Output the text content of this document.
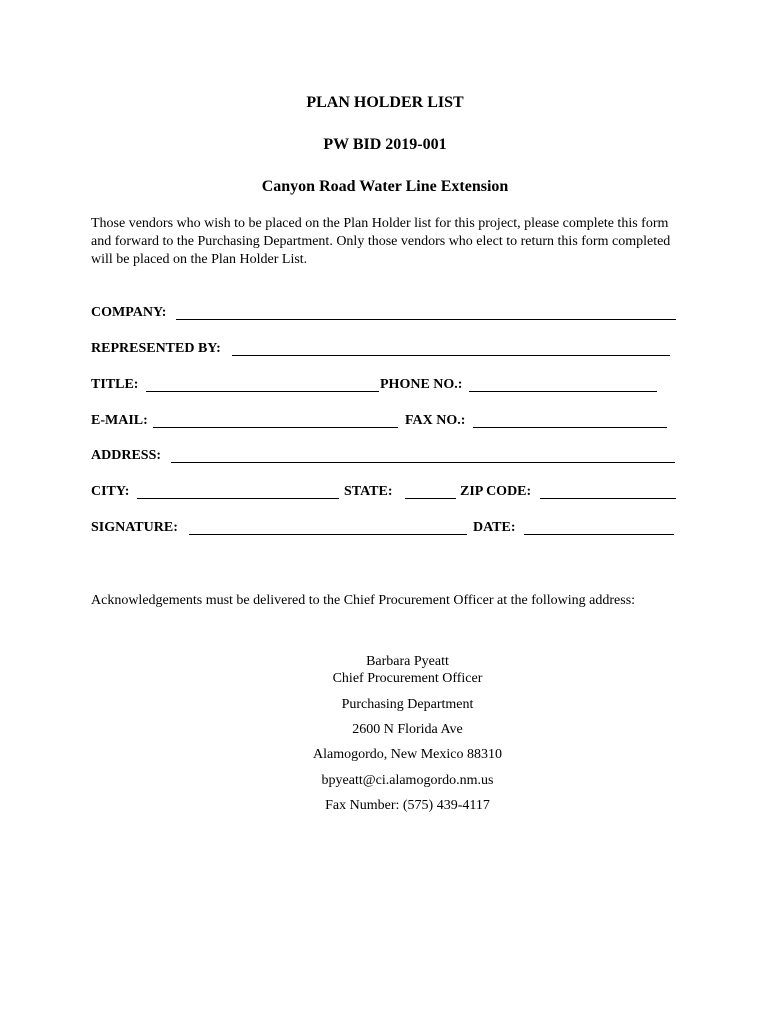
PLAN HOLDER LIST
PW BID 2019-001
Canyon Road Water Line Extension
Those vendors who wish to be placed on the Plan Holder list for this project, please complete this form and forward to the Purchasing Department. Only those vendors who elect to return this form completed will be placed on the Plan Holder List.
COMPANY:
REPRESENTED BY:
TITLE:	PHONE NO.:
E-MAIL:	FAX NO.:
ADDRESS:
CITY:	STATE:	ZIP CODE:
SIGNATURE:	DATE:
Acknowledgements must be delivered to the Chief Procurement Officer at the following address:
Barbara Pyeatt
Chief Procurement Officer
Purchasing Department
2600 N Florida Ave
Alamogordo, New Mexico 88310
bpyeatt@ci.alamogordo.nm.us
Fax Number: (575) 439-4117
